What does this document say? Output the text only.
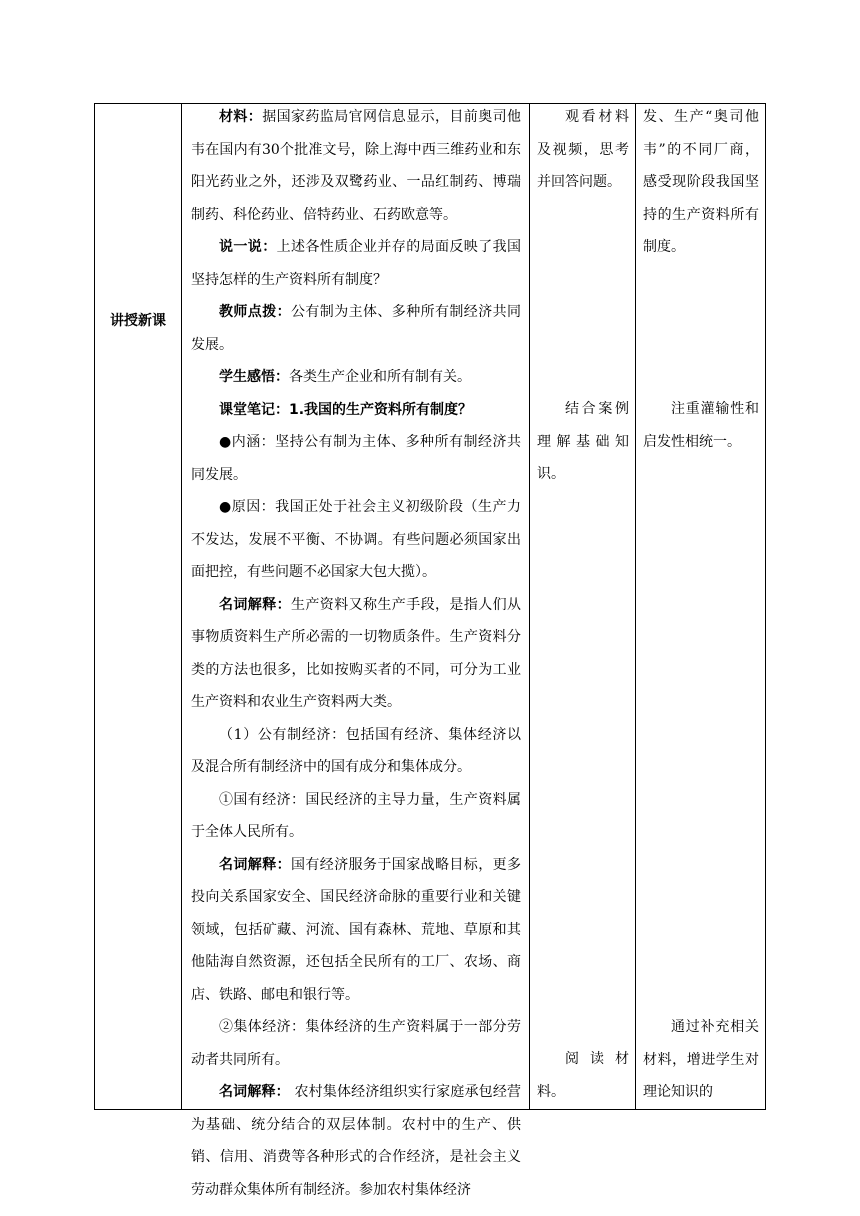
讲授新课

材料：据国家药监局官网信息显示，目前奥司他韦在国内有30个批准文号，除上海中西三维药业和东阳光药业之外，还涉及双鹭药业、一品红制药、博瑞制药、科伦药业、倍特药业、石药欧意等。

说一说：上述各性质企业并存的局面反映了我国坚持怎样的生产资料所有制度？

教师点拨：公有制为主体、多种所有制经济共同发展。

学生感悟：各类生产企业和所有制有关。

课堂笔记：1.我国的生产资料所有制度？

●内涵：坚持公有制为主体、多种所有制经济共同发展。

●原因：我国正处于社会主义初级阶段（生产力不发达，发展不平衡、不协调。有些问题必须国家出面把控，有些问题不必国家大包大揽）。

名词解释：生产资料又称生产手段，是指人们从事物质资料生产所必需的一切物质条件。生产资料分类的方法也很多，比如按购买者的不同，可分为工业生产资料和农业生产资料两大类。

（1）公有制经济：包括国有经济、集体经济以及混合所有制经济中的国有成分和集体成分。

①国有经济：国民经济的主导力量，生产资料属于全体人民所有。

名词解释：国有经济服务于国家战略目标，更多投向关系国家安全、国民经济命脉的重要行业和关键领域，包括矿藏、河流、国有森林、荒地、草原和其他陆海自然资源，还包括全民所有的工厂、农场、商店、铁路、邮电和银行等。

②集体经济：集体经济的生产资料属于一部分劳动者共同所有。

名词解释： 农村集体经济组织实行家庭承包经营为基础、统分结合的双层体制。农村中的生产、供销、信用、消费等各种形式的合作经济，是社会主义劳动群众集体所有制经济。参加农村集体经济

观看材料及视频，思考并回答问题。

结合案例理解基础知识。

阅读材料。

发、生产“奥司他韦”的不同厂商，感受现阶段我国坚持的生产资料所有制度。

注重灌输性和启发性相统一。

通过补充相关材料，增进学生对理论知识的
